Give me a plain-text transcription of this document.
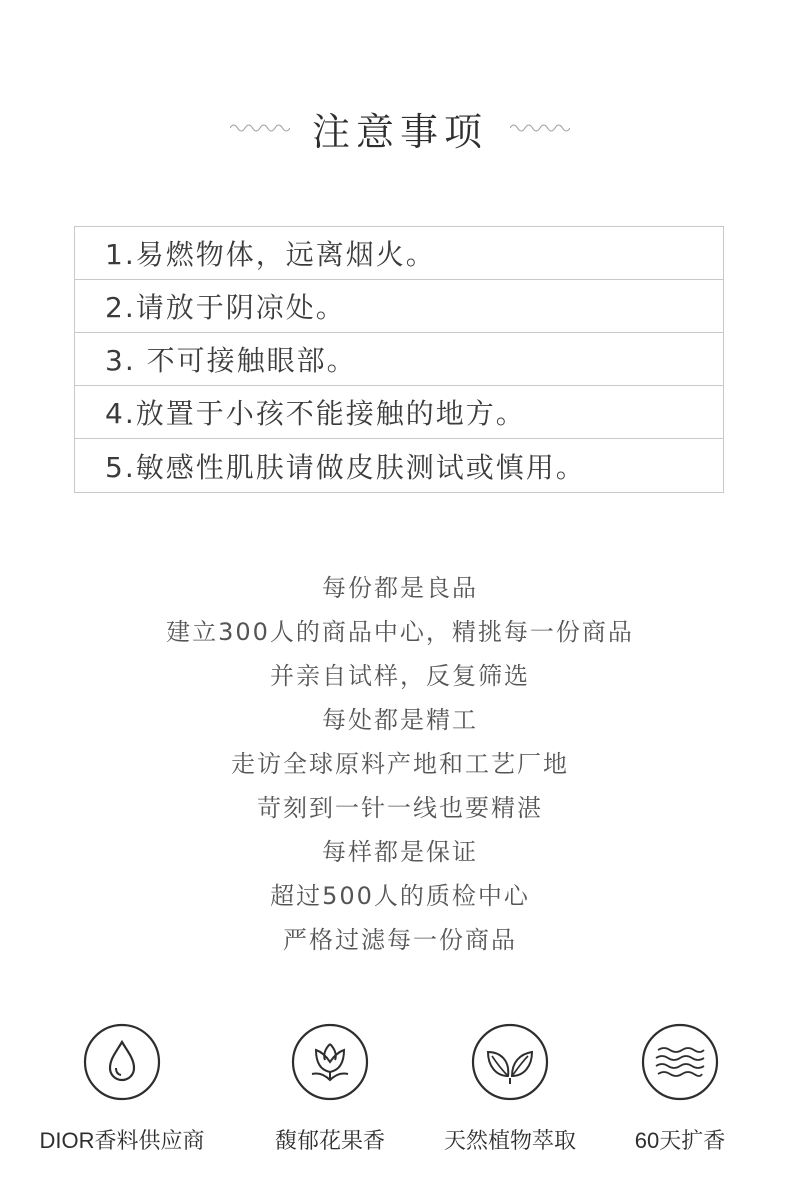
注意事项
1.易燃物体，远离烟火。
2.请放于阴凉处。
3. 不可接触眼部。
4.放置于小孩不能接触的地方。
5.敏感性肌肤请做皮肤测试或慎用。
每份都是良品
建立300人的商品中心，精挑每一份商品
并亲自试样，反复筛选
每处都是精工
走访全球原料产地和工艺厂地
苛刻到一针一线也要精湛
每样都是保证
超过500人的质检中心
严格过滤每一份商品
DIOR香料供应商	馥郁花果香	天然植物萃取	60天扩香
